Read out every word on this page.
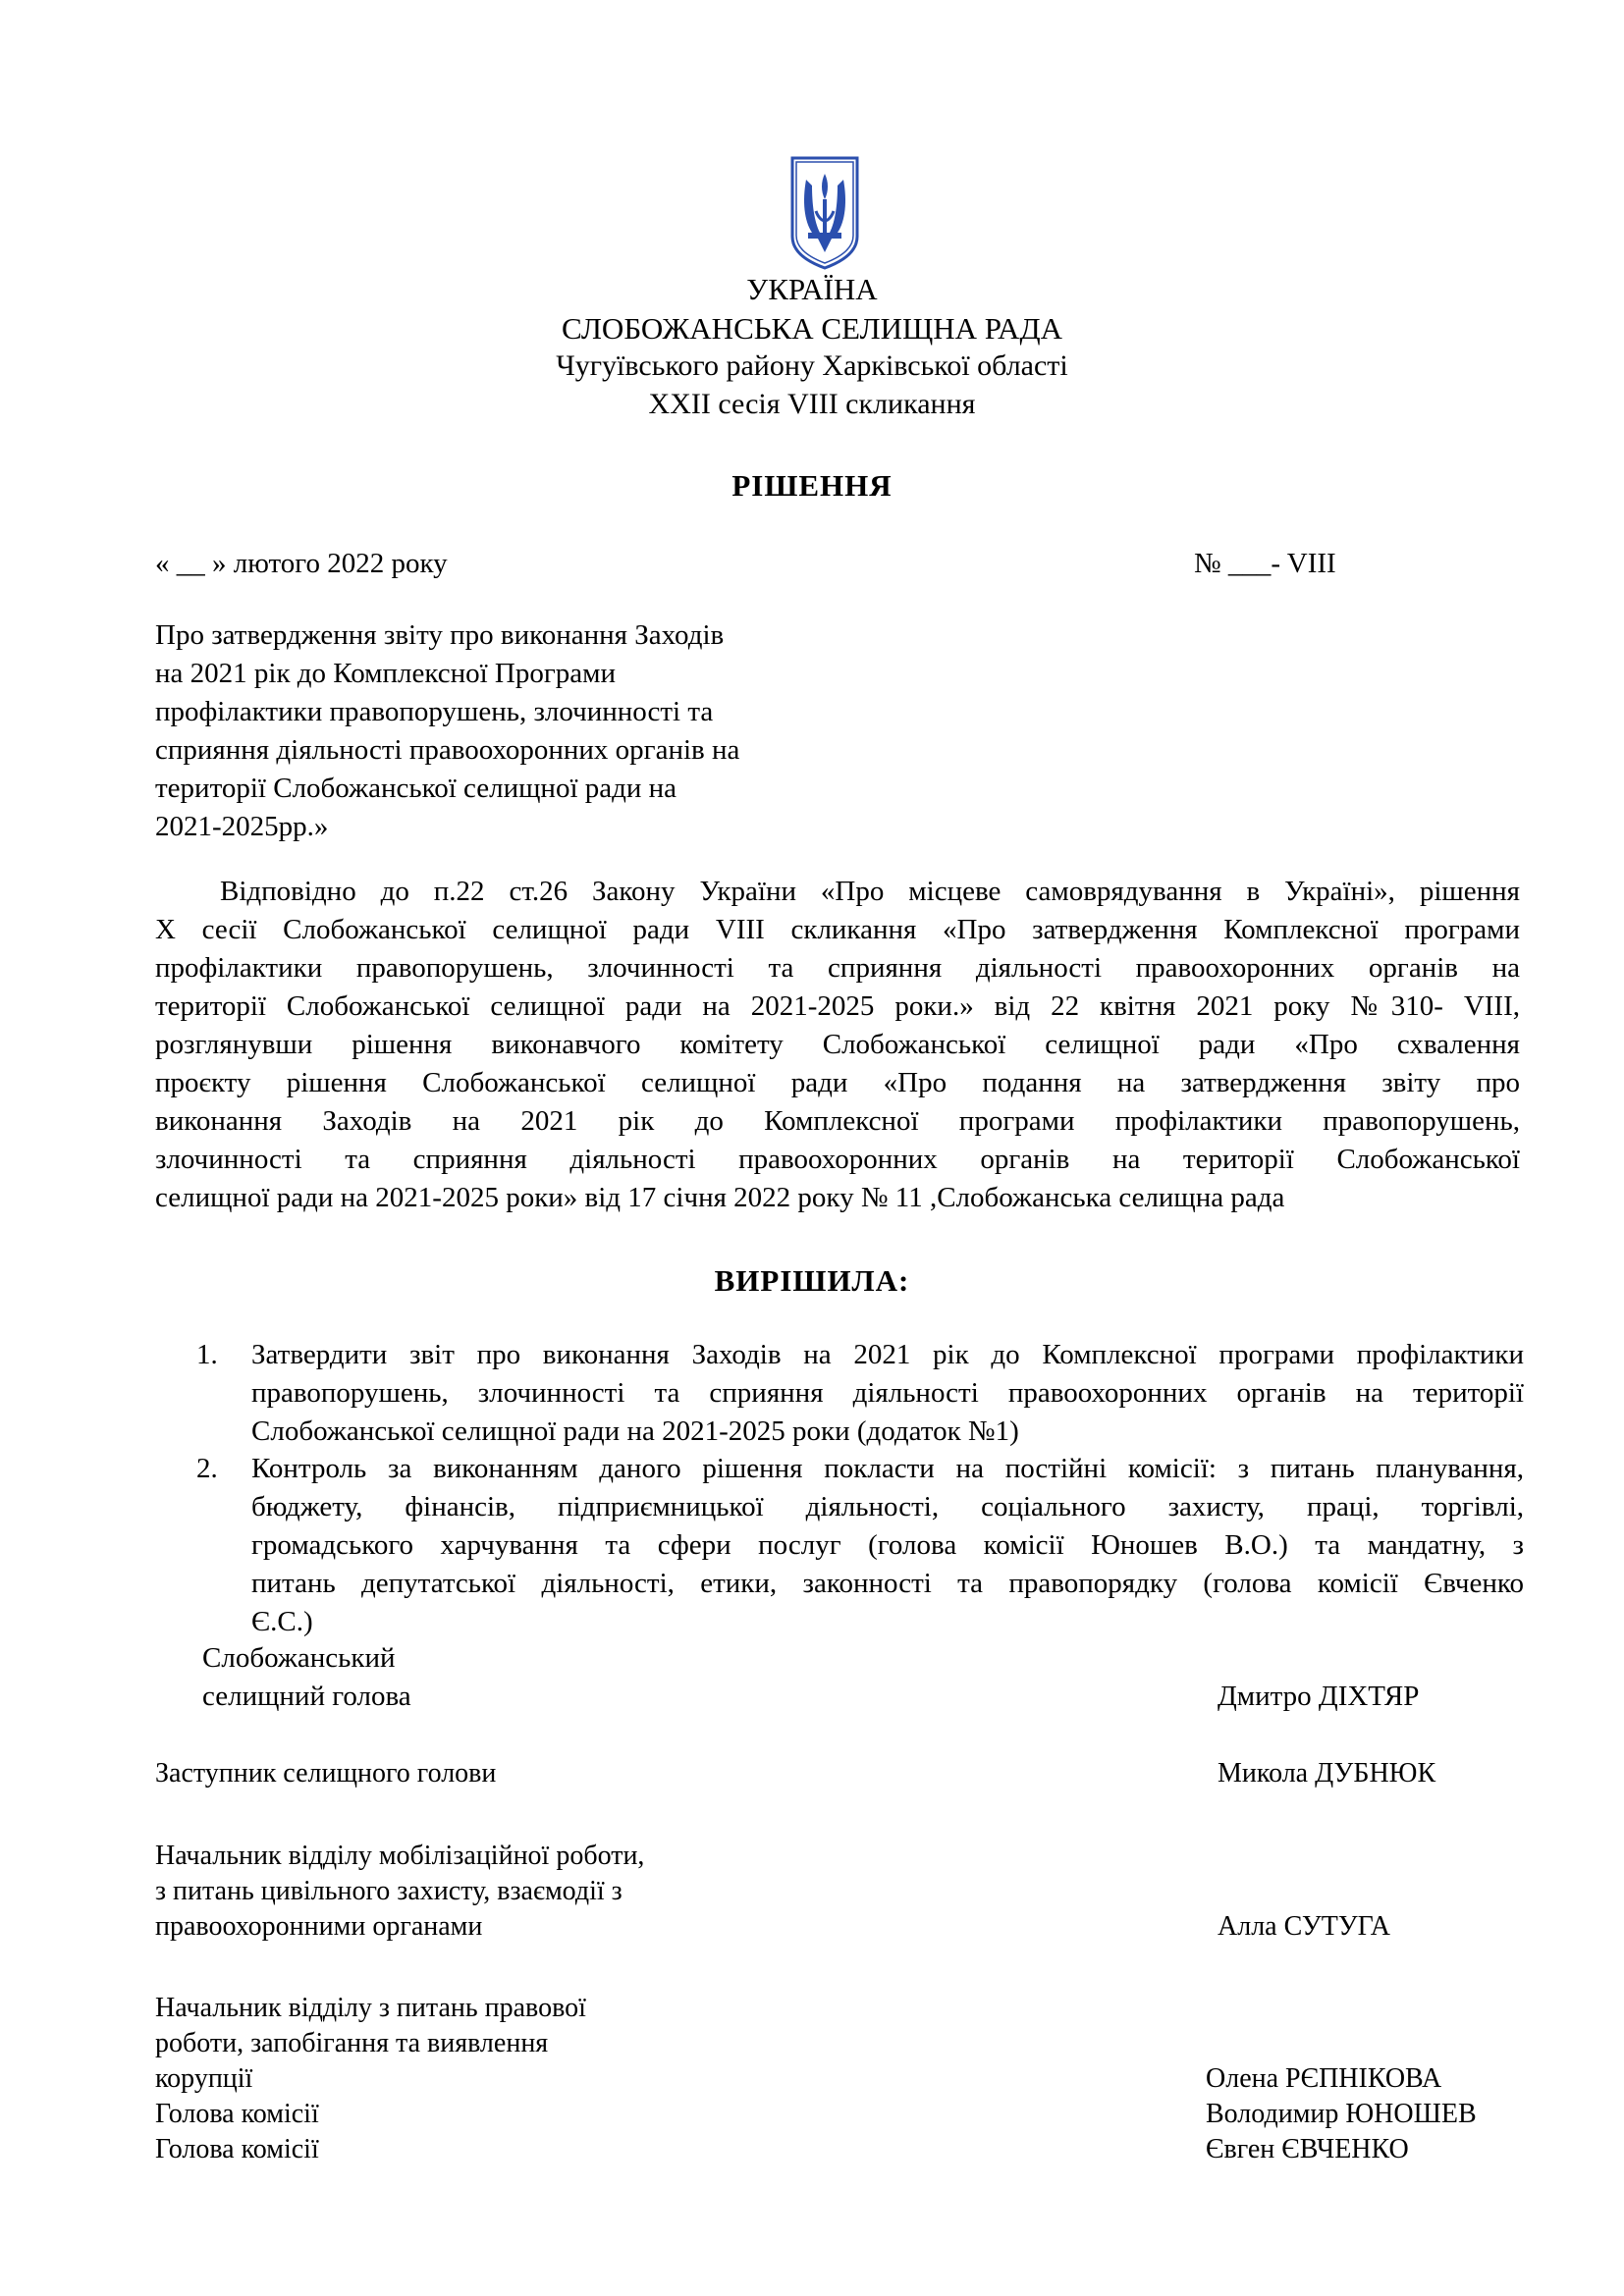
УКРАЇНА
СЛОБОЖАНСЬКА СЕЛИЩНА РАДА
Чугуївського району Харківської області
ХХII сесія VIII скликання
РІШЕННЯ
« __ » лютого 2022 року	№ ___- VIII
Про затвердження звіту про виконання Заходів
на 2021 рік до Комплексної Програми
профілактики правопорушень, злочинності та
сприяння діяльності правоохоронних органів на
території Слобожанської селищної ради на
2021-2025рр.»
Відповідно до п.22 ст.26 Закону України «Про місцеве самоврядування в Україні», рішення
Х сесії Слобожанської селищної ради VIII скликання «Про затвердження Комплексної програми
профілактики правопорушень, злочинності та сприяння діяльності правоохоронних органів на
території Слобожанської селищної ради на 2021-2025 роки.» від 22 квітня 2021 року №310- VIII,
розглянувши рішення виконавчого комітету Слобожанської селищної ради «Про схвалення
проєкту рішення Слобожанської селищної ради «Про подання на затвердження звіту про
виконання Заходів на 2021 рік до Комплексної програми профілактики правопорушень,
злочинності та сприяння діяльності правоохоронних органів на території Слобожанської
селищної ради на 2021-2025 роки» від 17 січня 2022 року № 11 ,Слобожанська селищна рада
ВИРІШИЛА:
1. Затвердити звіт про виконання Заходів на 2021 рік до Комплексної програми профілактики
правопорушень, злочинності та сприяння діяльності правоохоронних органів на території
Слобожанської селищної ради на 2021-2025 роки (додаток №1)
2. Контроль за виконанням даного рішення покласти на постійні комісії: з питань планування,
бюджету, фінансів, підприємницької діяльності, соціального захисту, праці, торгівлі,
громадського харчування та сфери послуг (голова комісії Юношев В.О.) та мандатну, з
питань депутатської діяльності, етики, законності та правопорядку (голова комісії Євченко
Є.С.)
Слобожанський
селищний голова	Дмитро ДІХТЯР
Заступник селищного голови	Микола ДУБНЮК
Начальник відділу мобілізаційної роботи,
з питань цивільного захисту, взаємодії з
правоохоронними органами	Алла СУТУГА
Начальник відділу з питань правової
роботи, запобігання та виявлення
корупції	Олена РЄПНІКОВА
Голова комісії	Володимир ЮНОШЕВ
Голова комісії	Євген ЄВЧЕНКО
